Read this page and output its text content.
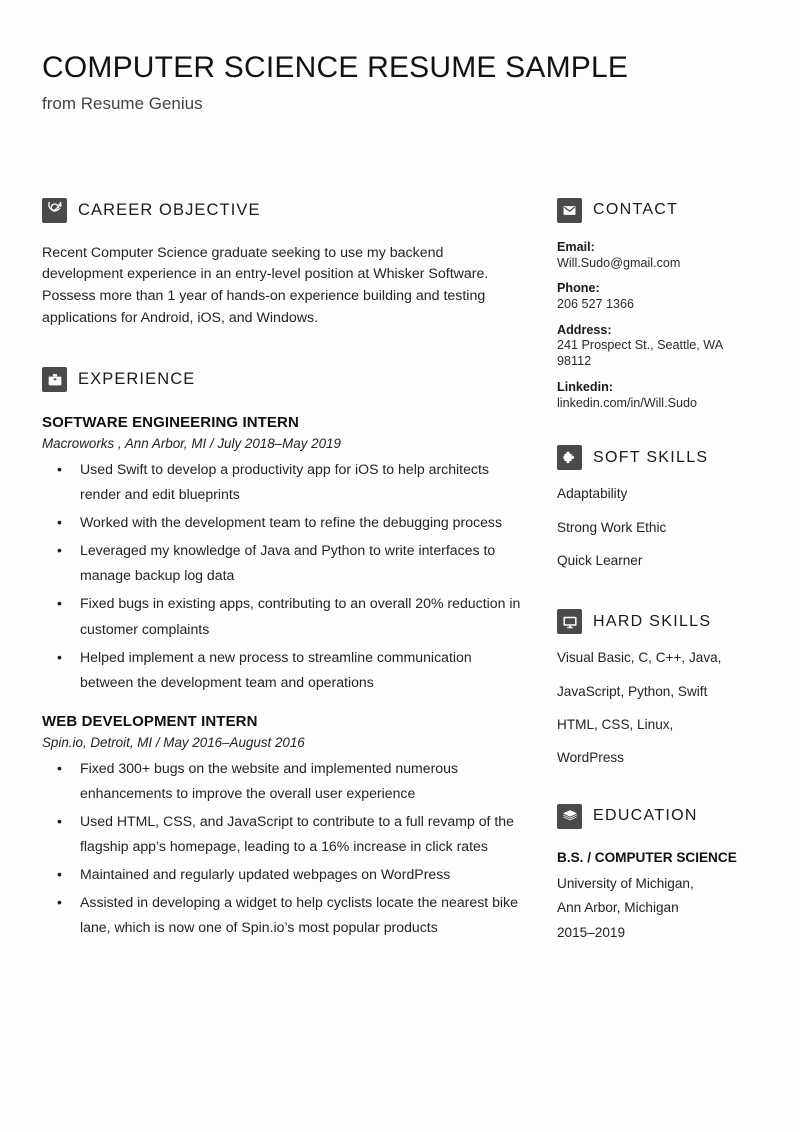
COMPUTER SCIENCE RESUME SAMPLE
from Resume Genius
CAREER OBJECTIVE

Recent Computer Science graduate seeking to use my backend development experience in an entry-level position at Whisker Software. Possess more than 1 year of hands-on experience building and testing applications for Android, iOS, and Windows.

EXPERIENCE
SOFTWARE ENGINEERING INTERN
Macroworks , Ann Arbor, MI / July 2018–May 2019
• Used Swift to develop a productivity app for iOS to help architects render and edit blueprints
• Worked with the development team to refine the debugging process
• Leveraged my knowledge of Java and Python to write interfaces to manage backup log data
• Fixed bugs in existing apps, contributing to an overall 20% reduction in customer complaints
• Helped implement a new process to streamline communication between the development team and operations
WEB DEVELOPMENT INTERN
Spin.io, Detroit, MI / May 2016–August 2016
• Fixed 300+ bugs on the website and implemented numerous enhancements to improve the overall user experience
• Used HTML, CSS, and JavaScript to contribute to a full revamp of the flagship app’s homepage, leading to a 16% increase in click rates
• Maintained and regularly updated webpages on WordPress
• Assisted in developing a widget to help cyclists locate the nearest bike lane, which is now one of Spin.io’s most popular products
CONTACT
Email:
Will.Sudo@gmail.com
Phone:
206 527 1366
Address:
241 Prospect St., Seattle, WA 98112
Linkedin:
linkedin.com/in/Will.Sudo
SOFT SKILLS
Adaptability
Strong Work Ethic
Quick Learner
HARD SKILLS
Visual Basic, C, C++, Java,
JavaScript, Python, Swift
HTML, CSS, Linux,
WordPress
EDUCATION
B.S. / COMPUTER SCIENCE
University of Michigan,
Ann Arbor, Michigan
2015–2019
